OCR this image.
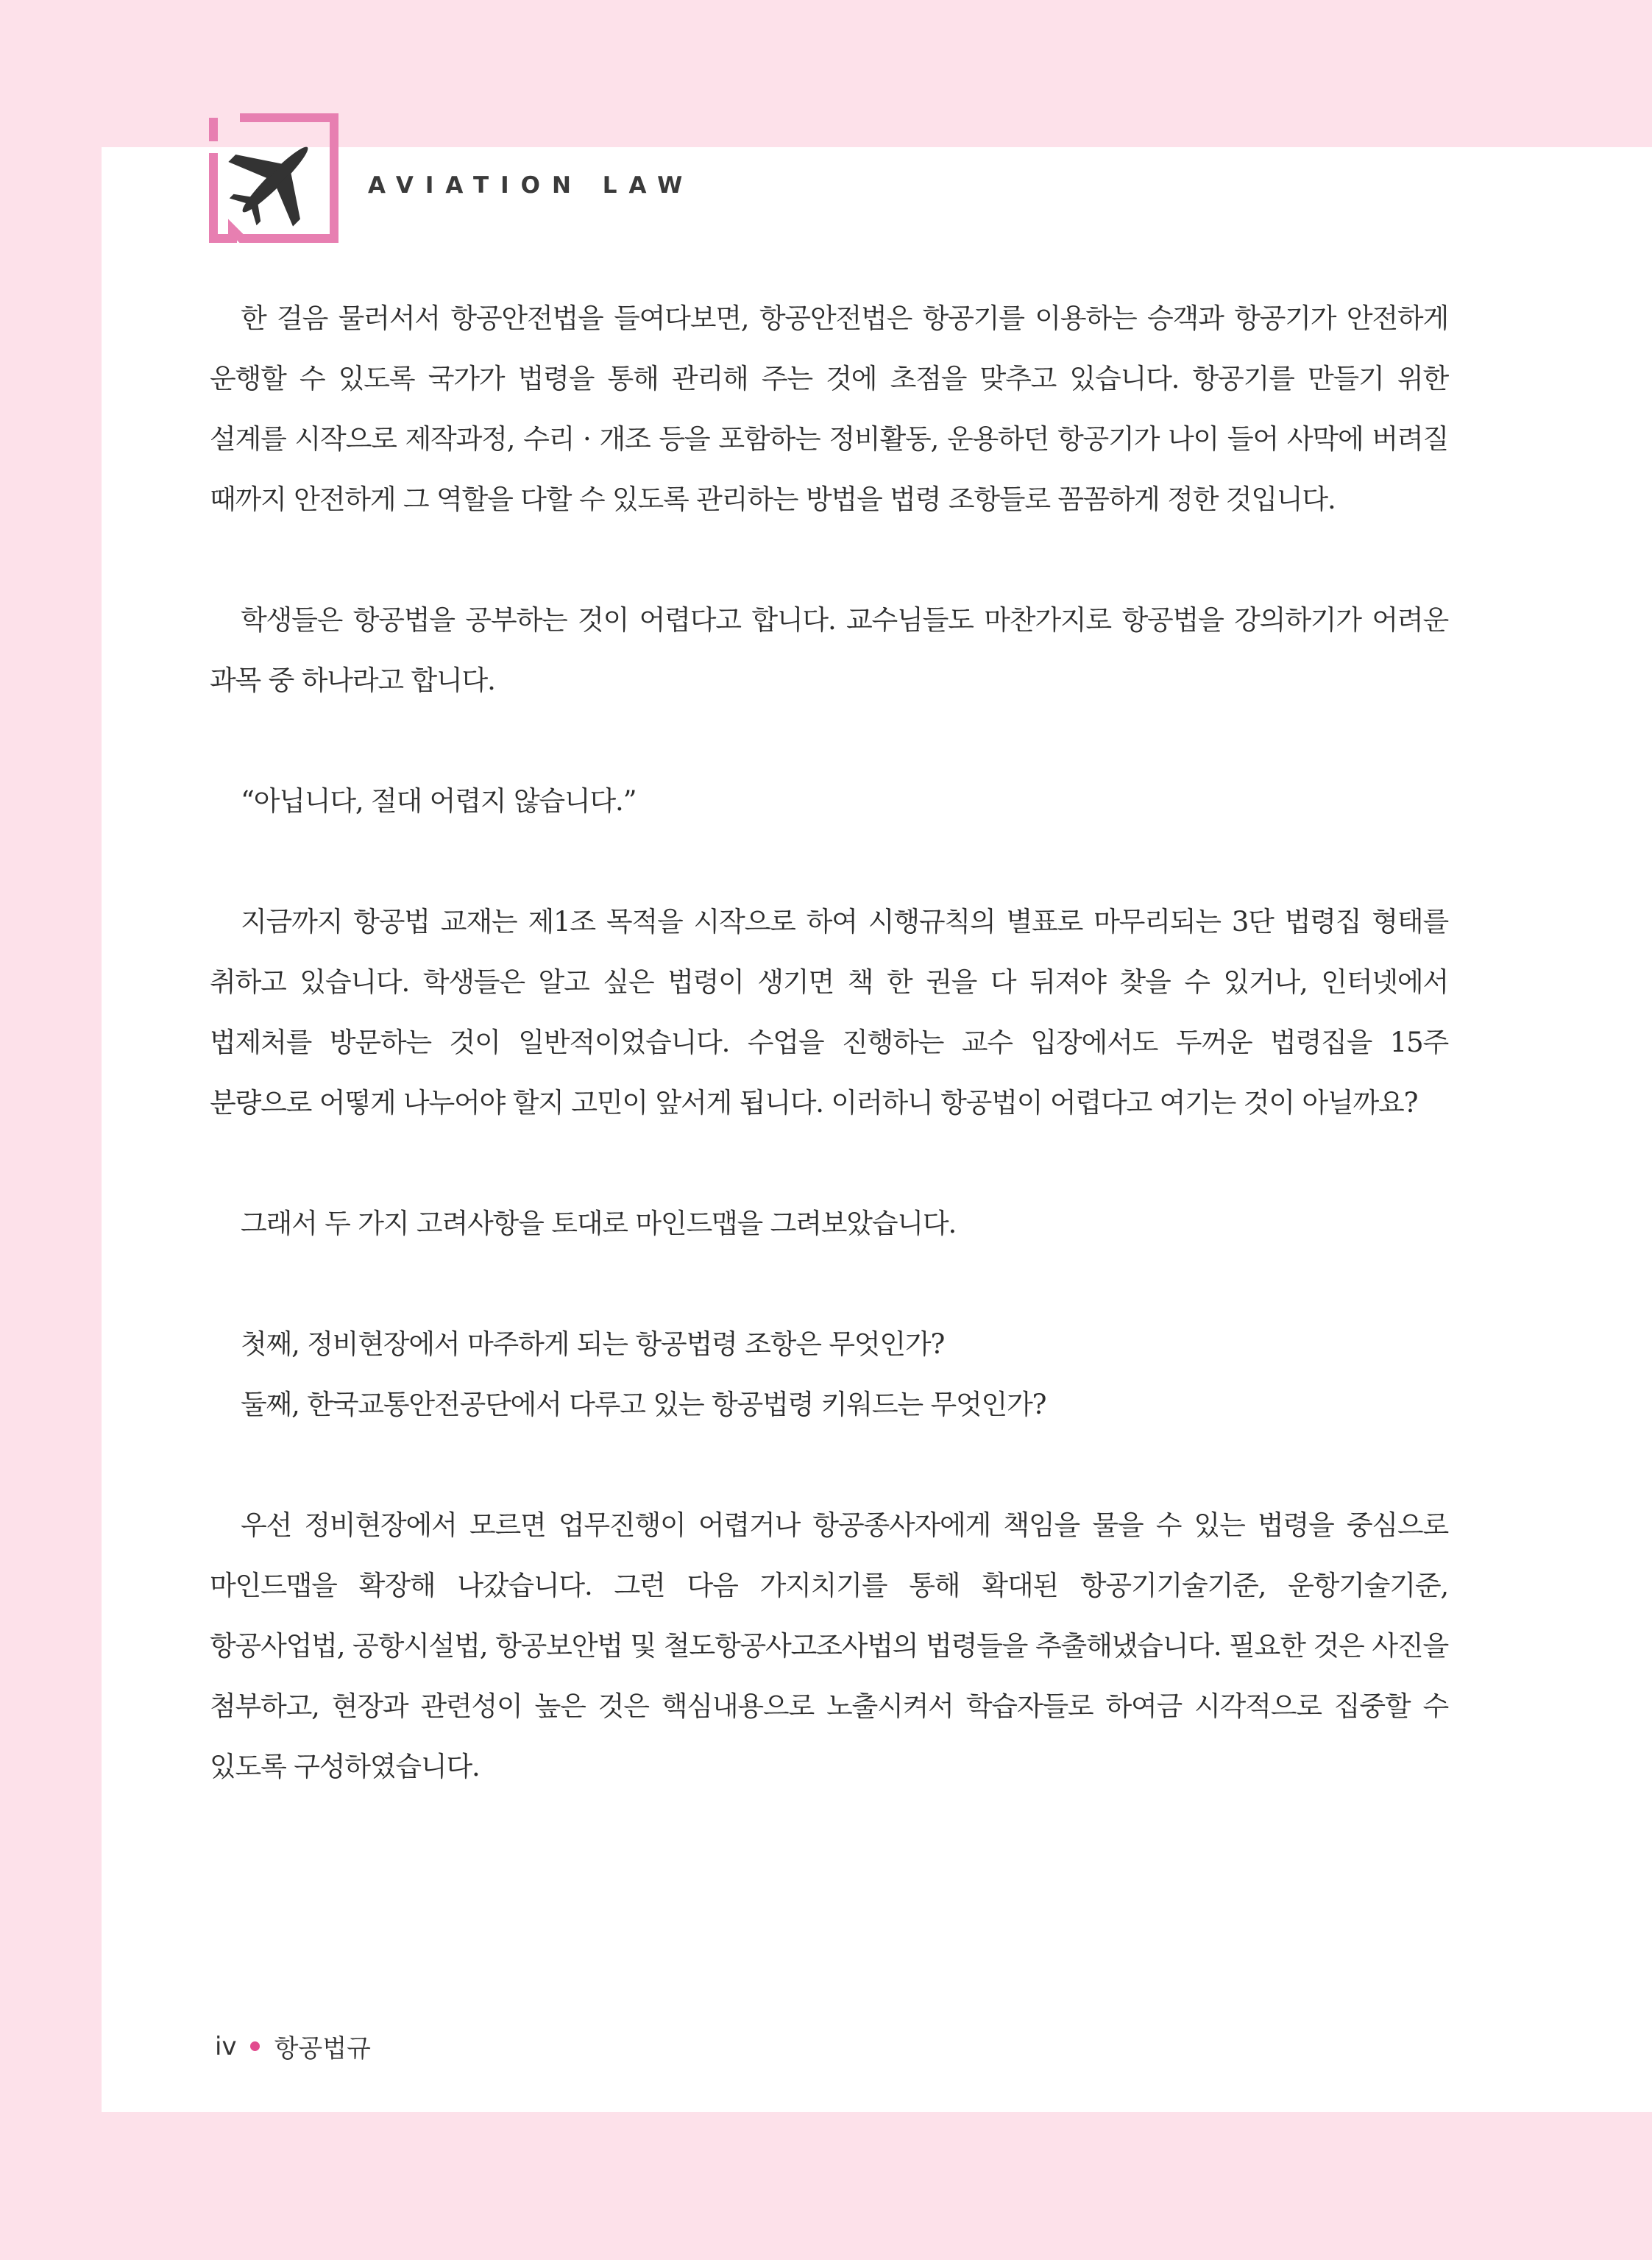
AVIATION LAW

한 걸음 물러서서 항공안전법을 들여다보면, 항공안전법은 항공기를 이용하는 승객과 항공기가 안전하게 운행할 수 있도록 국가가 법령을 통해 관리해 주는 것에 초점을 맞추고 있습니다. 항공기를 만들기 위한 설계를 시작으로 제작과정, 수리 · 개조 등을 포함하는 정비활동, 운용하던 항공기가 나이 들어 사막에 버려질 때까지 안전하게 그 역할을 다할 수 있도록 관리하는 방법을 법령 조항들로 꼼꼼하게 정한 것입니다.

학생들은 항공법을 공부하는 것이 어렵다고 합니다. 교수님들도 마찬가지로 항공법을 강의하기가 어려운 과목 중 하나라고 합니다.

“아닙니다, 절대 어렵지 않습니다.”

지금까지 항공법 교재는 제1조 목적을 시작으로 하여 시행규칙의 별표로 마무리되는 3단 법령집 형태를 취하고 있습니다. 학생들은 알고 싶은 법령이 생기면 책 한 권을 다 뒤져야 찾을 수 있거나, 인터넷에서 법제처를 방문하는 것이 일반적이었습니다. 수업을 진행하는 교수 입장에서도 두꺼운 법령집을 15주 분량으로 어떻게 나누어야 할지 고민이 앞서게 됩니다. 이러하니 항공법이 어렵다고 여기는 것이 아닐까요?

그래서 두 가지 고려사항을 토대로 마인드맵을 그려보았습니다.

첫째, 정비현장에서 마주하게 되는 항공법령 조항은 무엇인가?

둘째, 한국교통안전공단에서 다루고 있는 항공법령 키워드는 무엇인가?

우선 정비현장에서 모르면 업무진행이 어렵거나 항공종사자에게 책임을 물을 수 있는 법령을 중심으로 마인드맵을 확장해 나갔습니다. 그런 다음 가지치기를 통해 확대된 항공기기술기준, 운항기술기준, 항공사업법, 공항시설법, 항공보안법 및 철도항공사고조사법의 법령들을 추출해냈습니다. 필요한 것은 사진을 첨부하고, 현장과 관련성이 높은 것은 핵심내용으로 노출시켜서 학습자들로 하여금 시각적으로 집중할 수 있도록 구성하였습니다.

iv 항공법규
